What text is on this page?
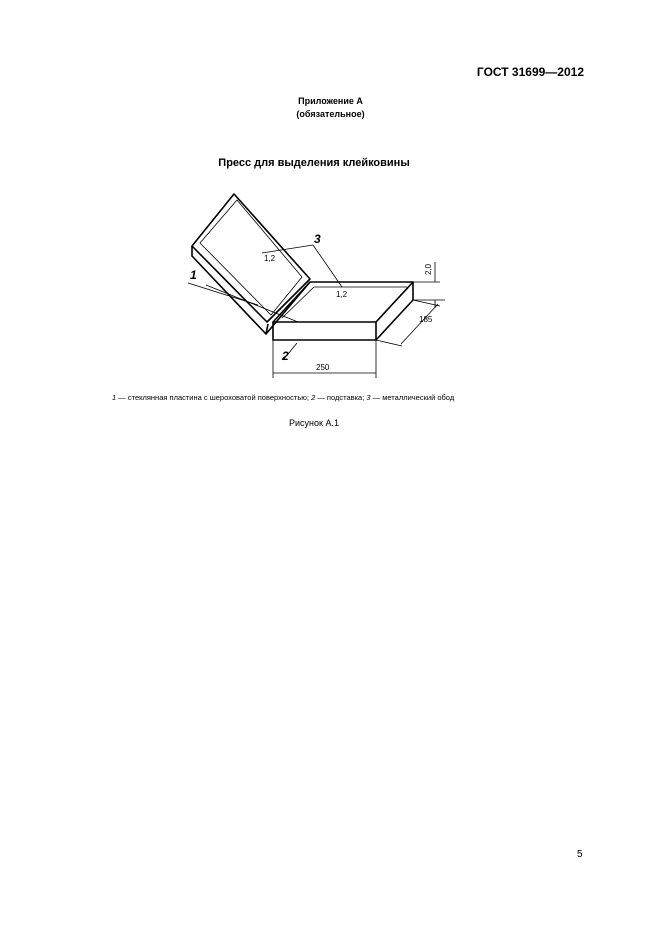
ГОСТ 31699—2012
Приложение А
(обязательное)
Пресс для выделения клейковины
1
2
3
1,2
1,2
250
185
2,0
1 — стеклянная пластина с шероховатой поверхностью; 2 — подставка; 3 — металлический обод
Рисунок А.1
5
